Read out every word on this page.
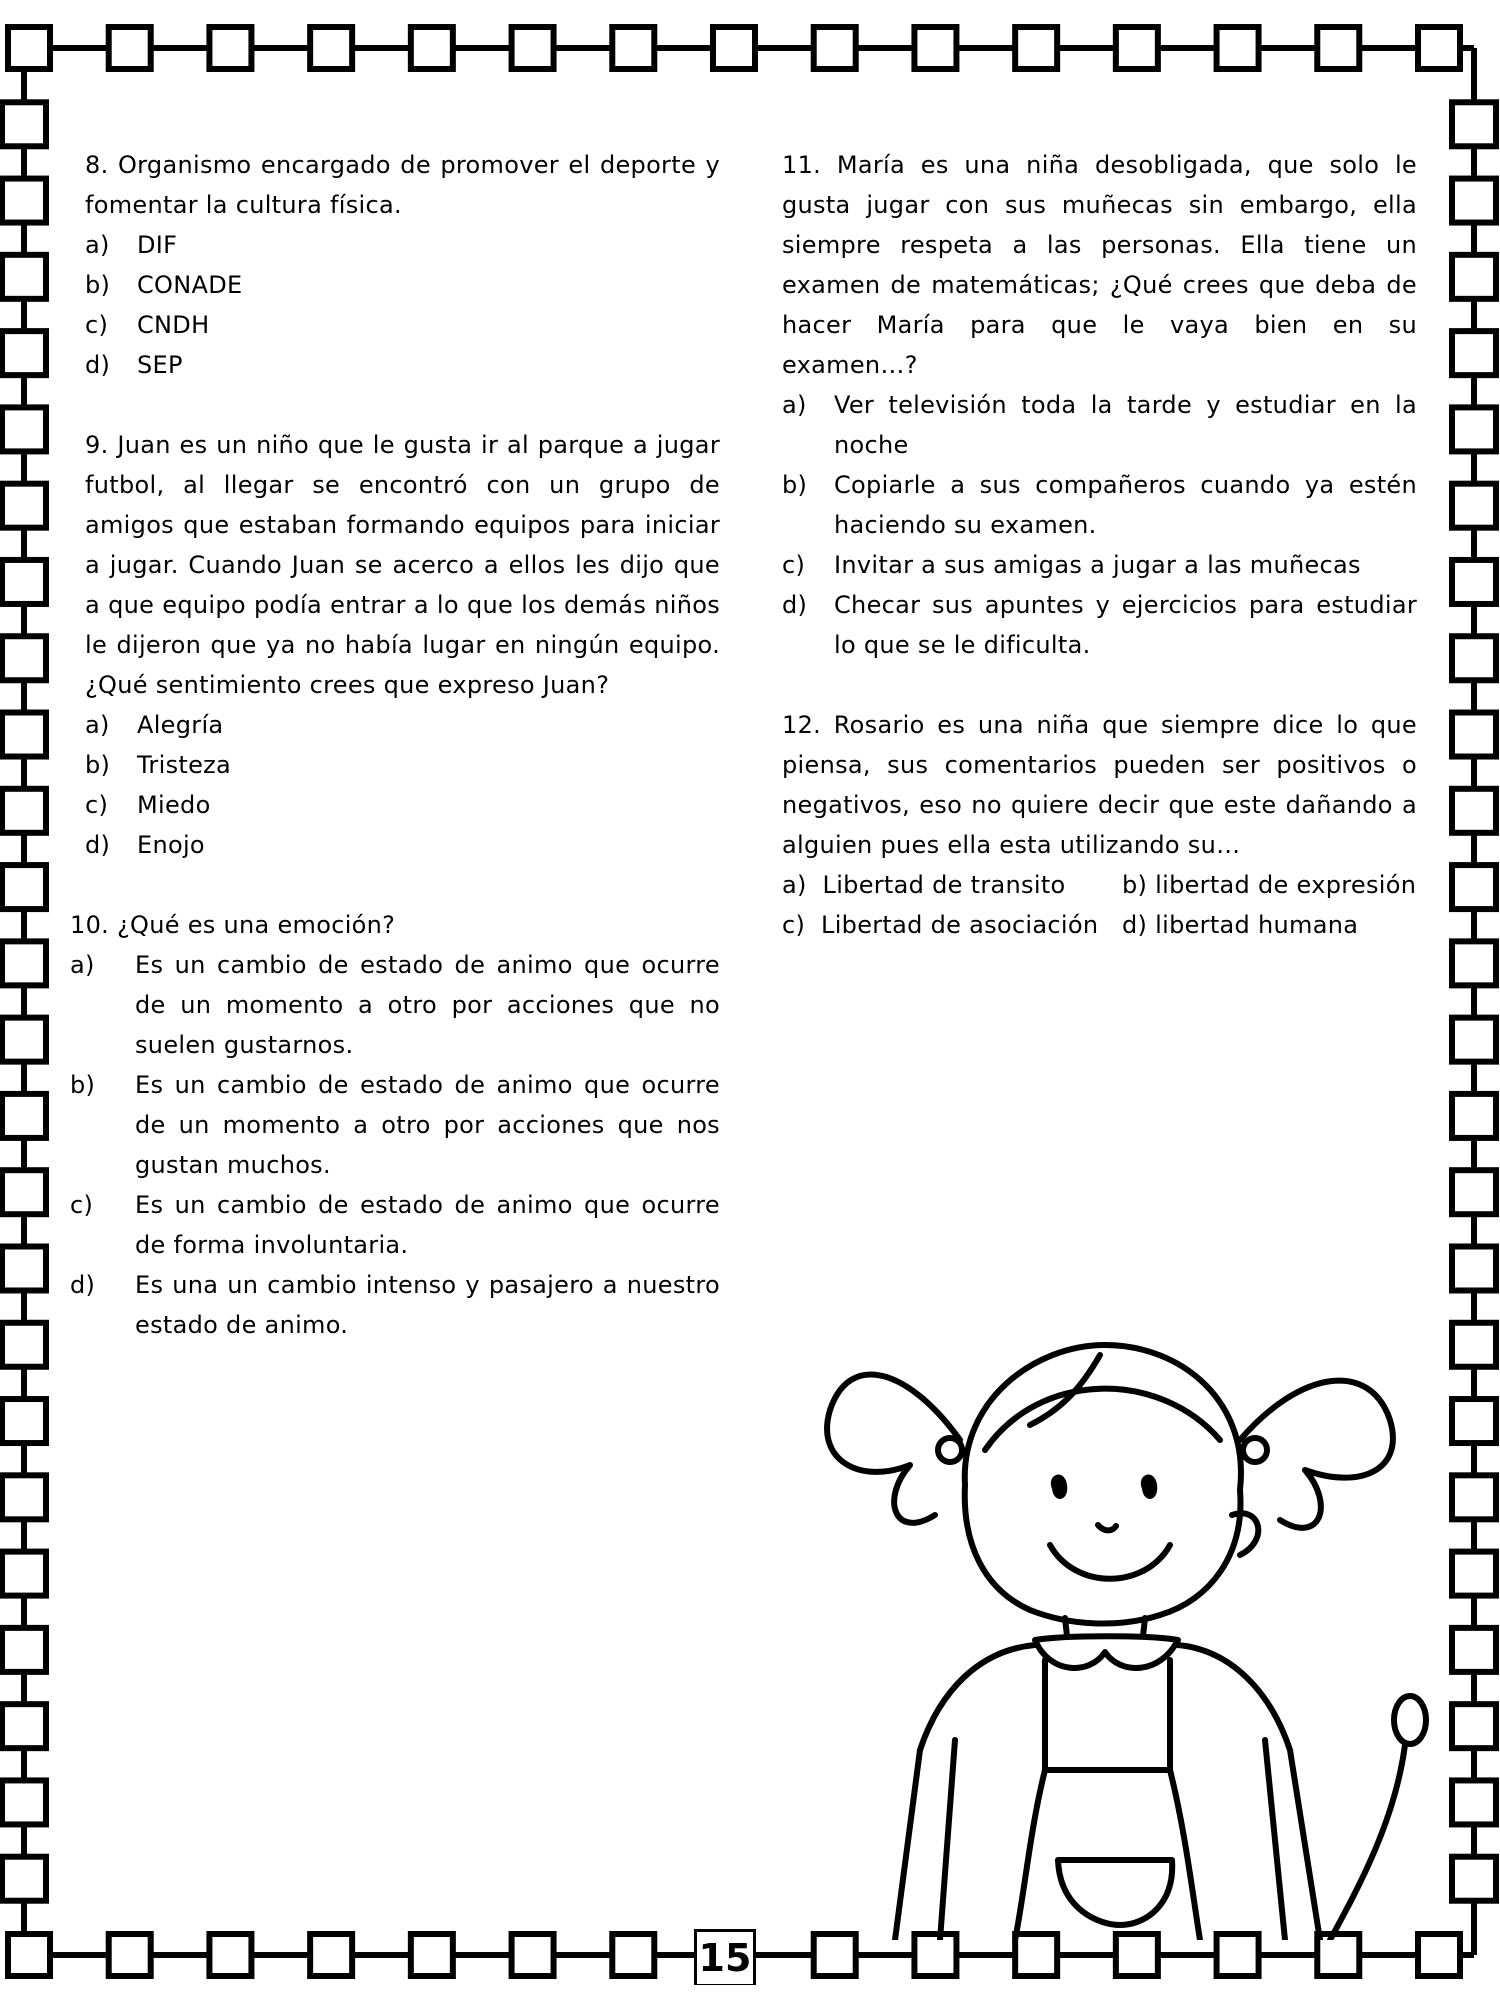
8. Organismo encargado de promover el deporte y fomentar la cultura física.
a)	DIF
b)	CONADE
c)	CNDH
d)	SEP
9. Juan es un niño que le gusta ir al parque a jugar futbol, al llegar se encontró con un grupo de amigos que estaban formando equipos para iniciar a jugar. Cuando Juan se acerco a ellos les dijo que a que equipo podía entrar a lo que los demás niños le dijeron que ya no había lugar en ningún equipo. ¿Qué sentimiento crees que expreso Juan?
a)	Alegría
b)	Tristeza
c)	Miedo
d)	Enojo
10. ¿Qué es una emoción?
a)	Es un cambio de estado de animo que ocurre de un momento a otro por acciones que no suelen gustarnos.
b)	Es un cambio de estado de animo que ocurre de un momento a otro por acciones que nos gustan muchos.
c)	Es un cambio de estado de animo que ocurre de forma involuntaria.
d)	Es una un cambio intenso y pasajero a nuestro estado de animo.
11. María es una niña desobligada, que solo le gusta jugar con sus muñecas sin embargo, ella siempre respeta a las personas. Ella tiene un examen de matemáticas; ¿Qué crees que deba de hacer María para que le vaya bien en su examen…?
a)	Ver televisión toda la tarde y estudiar en la noche
b)	Copiarle a sus compañeros cuando ya estén haciendo su examen.
c)	Invitar a sus amigas a jugar a las muñecas
d)	Checar sus apuntes y ejercicios para estudiar lo que se le dificulta.
12. Rosario es una niña que siempre dice lo que piensa, sus comentarios pueden ser positivos o negativos, eso no quiere decir que este dañando a alguien pues ella esta utilizando su…
a) Libertad de transito	b) libertad de expresión
c) Libertad de asociación d) libertad humana
15
